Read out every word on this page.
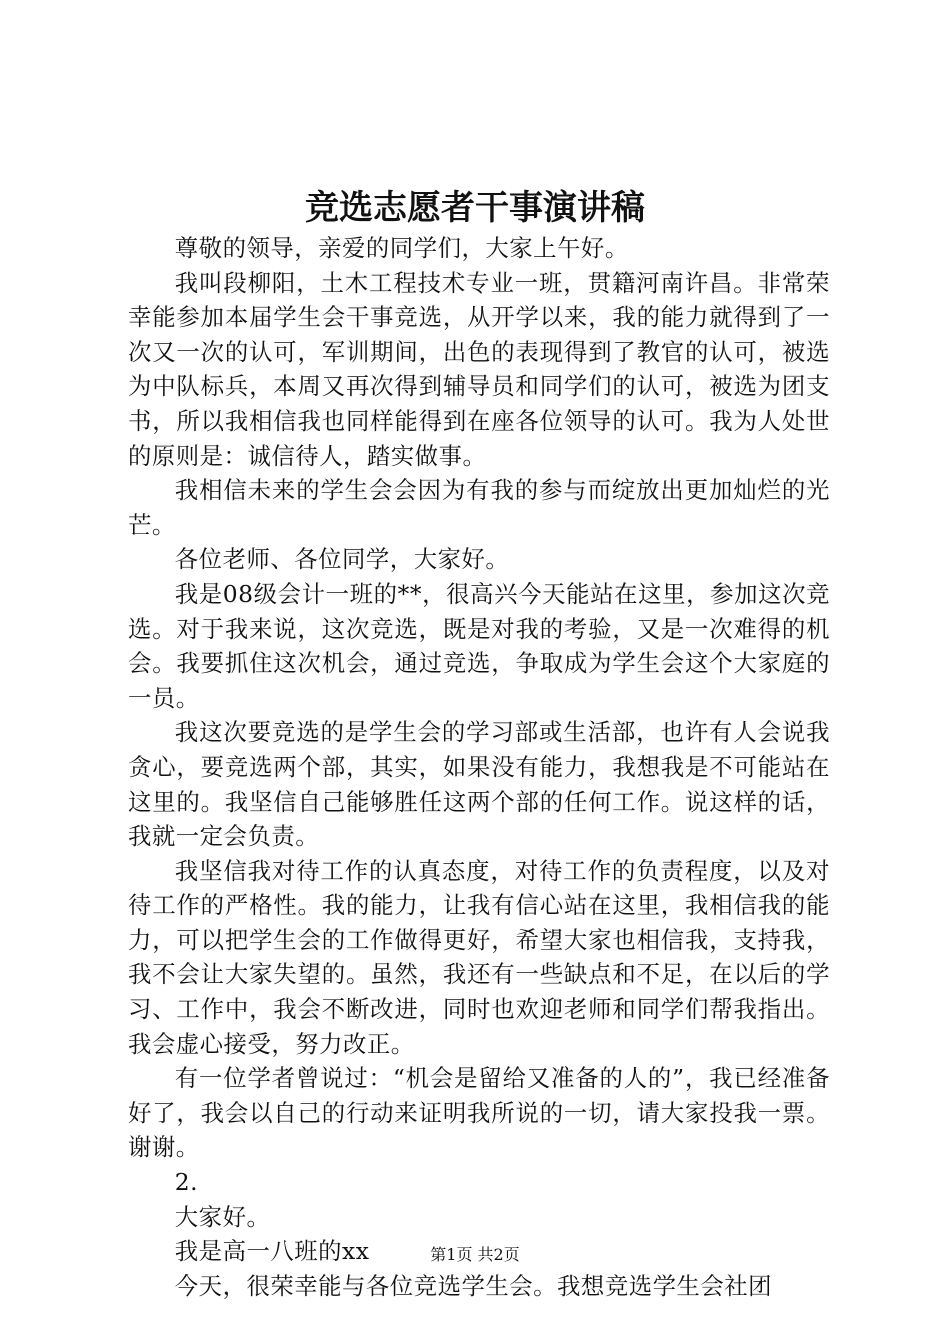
竞选志愿者干事演讲稿

尊敬的领导，亲爱的同学们，大家上午好。

我叫段柳阳，土木工程技术专业一班，贯籍河南许昌。非常荣幸能参加本届学生会干事竞选，从开学以来，我的能力就得到了一次又一次的认可，军训期间，出色的表现得到了教官的认可，被选为中队标兵，本周又再次得到辅导员和同学们的认可，被选为团支书，所以我相信我也同样能得到在座各位领导的认可。我为人处世的原则是：诚信待人，踏实做事。

我相信未来的学生会会因为有我的参与而绽放出更加灿烂的光芒。

各位老师、各位同学，大家好。

我是08级会计一班的**，很高兴今天能站在这里，参加这次竞选。对于我来说，这次竞选，既是对我的考验，又是一次难得的机会。我要抓住这次机会，通过竞选，争取成为学生会这个大家庭的一员。

我这次要竞选的是学生会的学习部或生活部，也许有人会说我贪心，要竞选两个部，其实，如果没有能力，我想我是不可能站在这里的。我坚信自己能够胜任这两个部的任何工作。说这样的话，我就一定会负责。

我坚信我对待工作的认真态度，对待工作的负责程度，以及对待工作的严格性。我的能力，让我有信心站在这里，我相信我的能力，可以把学生会的工作做得更好，希望大家也相信我，支持我，我不会让大家失望的。虽然，我还有一些缺点和不足，在以后的学习、工作中，我会不断改进，同时也欢迎老师和同学们帮我指出。我会虚心接受，努力改正。

有一位学者曾说过：“机会是留给又准备的人的”，我已经准备好了，我会以自己的行动来证明我所说的一切，请大家投我一票。谢谢。

2.

大家好。

我是高一八班的xx

今天，很荣幸能与各位竞选学生会。我想竞选学生会社团

第1页 共2页
